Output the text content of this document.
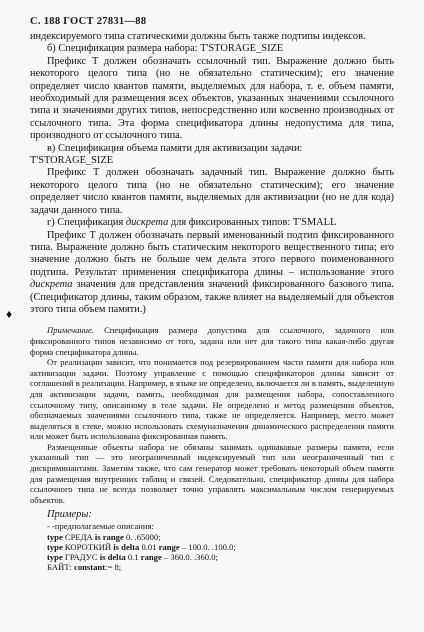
С. 188 ГОСТ 27831—88

индексируемого типа статическими должны быть также подтипы индексов.

б) Спецификация размера набора: T'STORAGE_SIZE

Префикс T должен обозначать ссылочный тип. Выражение должно быть некоторого целого типа (но не обязательно статическим); его значение определяет число квантов памяти, выделяемых для набора, т. е. объем памяти, необходимый для размещения всех объектов, указанных значениями ссылочного типа и значениями других типов, непосредственно или косвенно производных от ссылочного типа. Эта форма спецификатора длины недопустима для типа, производного от ссылочного типа.

в) Спецификация объема памяти для активизации задачи:

T'STORAGE_SIZE

Префикс T должен обозначать задачный тип. Выражение должно быть некоторого целого типа (но не обязательно статическим); его значение определяет число квантов памяти, выделяемых для активизации (но не для кода) задачи данного типа.

г) Спецификация дискрета для фиксированных типов: T'SMALL

Префикс T должен обозначать первый именованный подтип фиксированного типа. Выражение должно быть статическим некоторого вещественного типа; его значение должно быть не больше чем дельта этого первого поименованного подтипа. Результат применения спецификатора длины – использование этого дискрета значения для представления значений фиксированного базового типа. (Спецификатор длины, таким образом, также влияет на выделяемый для объектов этого типа объем памяти.)

Примечание. Спецификация размера допустима для ссылочного, задачного или фиксированного типов независимо от того, задана или нет для такого типа какая-либо другая форма спецификатора длины.

От реализации зависит, что понимается под резервированием части памяти для набора или активизации задачи. Поэтому управление с помощью спецификаторов длины зависит от соглашений в реализации. Например, в языке не определено, включается ли в память, выделенную для активизации задачи, память, необходимая для размещения набора, сопоставленного ссылочному типу, описанному в теле задачи. Не определено и метод размещения объектов, обозначаемых значениями ссылочного типа, также не определяется. Например, место может выделяться в стеке, можно использовать схемуназначения динамического распределения памяти или может быть использована фиксированная память.

Размещенные объекты набора не обязаны занимать одинаковые размеры памяти, если указанный тип — это неограниченный индексируемый тип или неограниченный тип с дискриминантами. Заметим также, что сам генератор может требовать некоторый объем памяти для размещения внутренних таблиц и связей. Следовательно, спецификатор длины для набора ссылочного типа не всегда позволяет точно управлять максимальным числом генерируемых объектов.

Примеры:
- -предполагаемые описания:
type СРЕДА is range 0. .65000;
type КОРОТКИЙ is delta 0.01 range – 100.0. .100.0;
type ГРАДУС is delta 0.1 range – 360.0. .360.0;
БАЙТ: constant:= 8;
♦
